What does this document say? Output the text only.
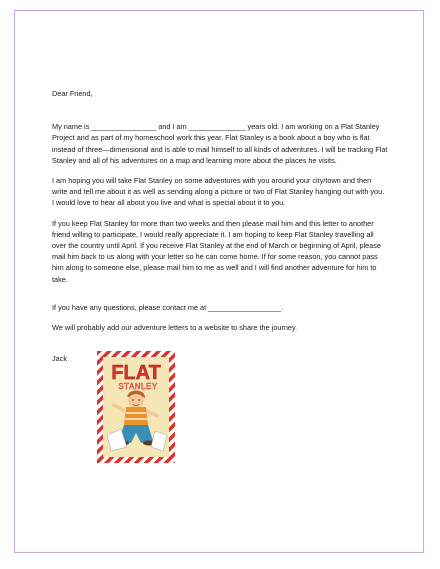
Dear Friend,

My name is ________________ and I am ______________ years old. I am working on a Flat Stanley Project and as part of my homeschool work this year. Flat Stanley is a book about a boy who is flat instead of three—dimensional and is able to mail himself to all kinds of adventures. I will be tracking Flat Stanley and all of his adventures on a map and learning more about the places he visits.

I am hoping you will take Flat Stanley on some adventures with you around your city/town and then write and tell me about it as well as sending along a picture or two of Flat Stanley hanging out with you. I would love to hear all about you live and what is special about it to you.

If you keep Flat Stanley for more than two weeks and then please mail him and this letter to another friend willing to participate, I would really appreciate it. I am hoping to keep Flat Stanley travelling all over the country until April. If you receive Flat Stanley at the end of March or beginning of April, please mail him back to us along with your letter so he can come home. If for some reason, you cannot pass him along to someone else, please mail him to me as well and I will find another adventure for him to take.

If you have any questions, please contact me at __________________.

We will probably add our adventure letters to a website to share the journey.

Jack

FLAT
STANLEY
